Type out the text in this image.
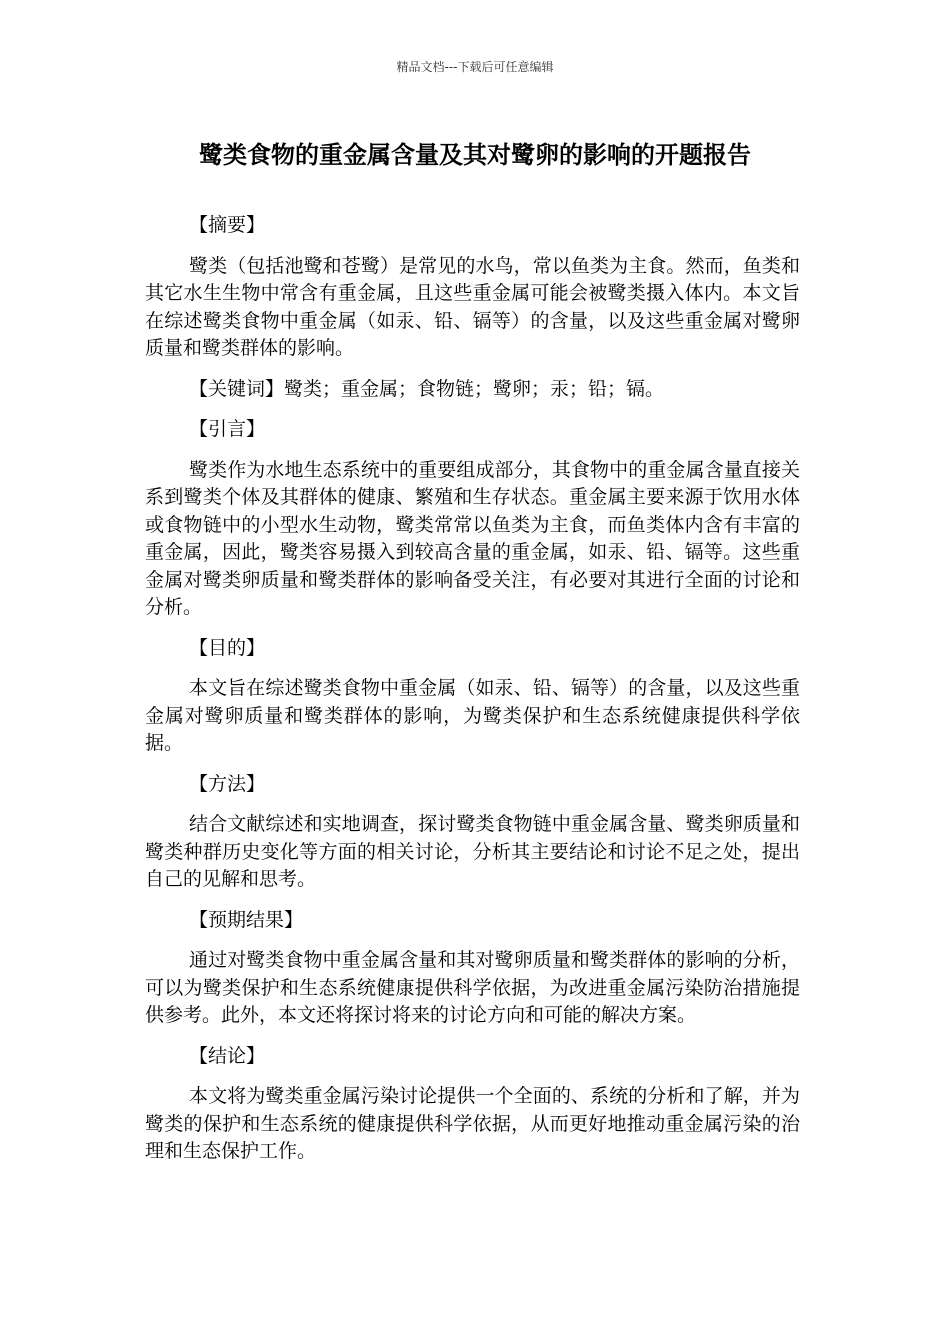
精品文档---下载后可任意编辑
鹭类食物的重金属含量及其对鹭卵的影响的开题报告

【摘要】

鹭类（包括池鹭和苍鹭）是常见的水鸟，常以鱼类为主食。然而，鱼类和其它水生生物中常含有重金属，且这些重金属可能会被鹭类摄入体内。本文旨在综述鹭类食物中重金属（如汞、铅、镉等）的含量，以及这些重金属对鹭卵质量和鹭类群体的影响。

【关键词】鹭类；重金属；食物链；鹭卵；汞；铅；镉。

【引言】

鹭类作为水地生态系统中的重要组成部分，其食物中的重金属含量直接关系到鹭类个体及其群体的健康、繁殖和生存状态。重金属主要来源于饮用水体或食物链中的小型水生动物，鹭类常常以鱼类为主食，而鱼类体内含有丰富的重金属，因此，鹭类容易摄入到较高含量的重金属，如汞、铅、镉等。这些重金属对鹭类卵质量和鹭类群体的影响备受关注，有必要对其进行全面的讨论和分析。

【目的】

本文旨在综述鹭类食物中重金属（如汞、铅、镉等）的含量，以及这些重金属对鹭卵质量和鹭类群体的影响，为鹭类保护和生态系统健康提供科学依据。

【方法】

结合文献综述和实地调查，探讨鹭类食物链中重金属含量、鹭类卵质量和鹭类种群历史变化等方面的相关讨论，分析其主要结论和讨论不足之处，提出自己的见解和思考。

【预期结果】

通过对鹭类食物中重金属含量和其对鹭卵质量和鹭类群体的影响的分析，可以为鹭类保护和生态系统健康提供科学依据，为改进重金属污染防治措施提供参考。此外，本文还将探讨将来的讨论方向和可能的解决方案。

【结论】

本文将为鹭类重金属污染讨论提供一个全面的、系统的分析和了解，并为鹭类的保护和生态系统的健康提供科学依据，从而更好地推动重金属污染的治理和生态保护工作。
